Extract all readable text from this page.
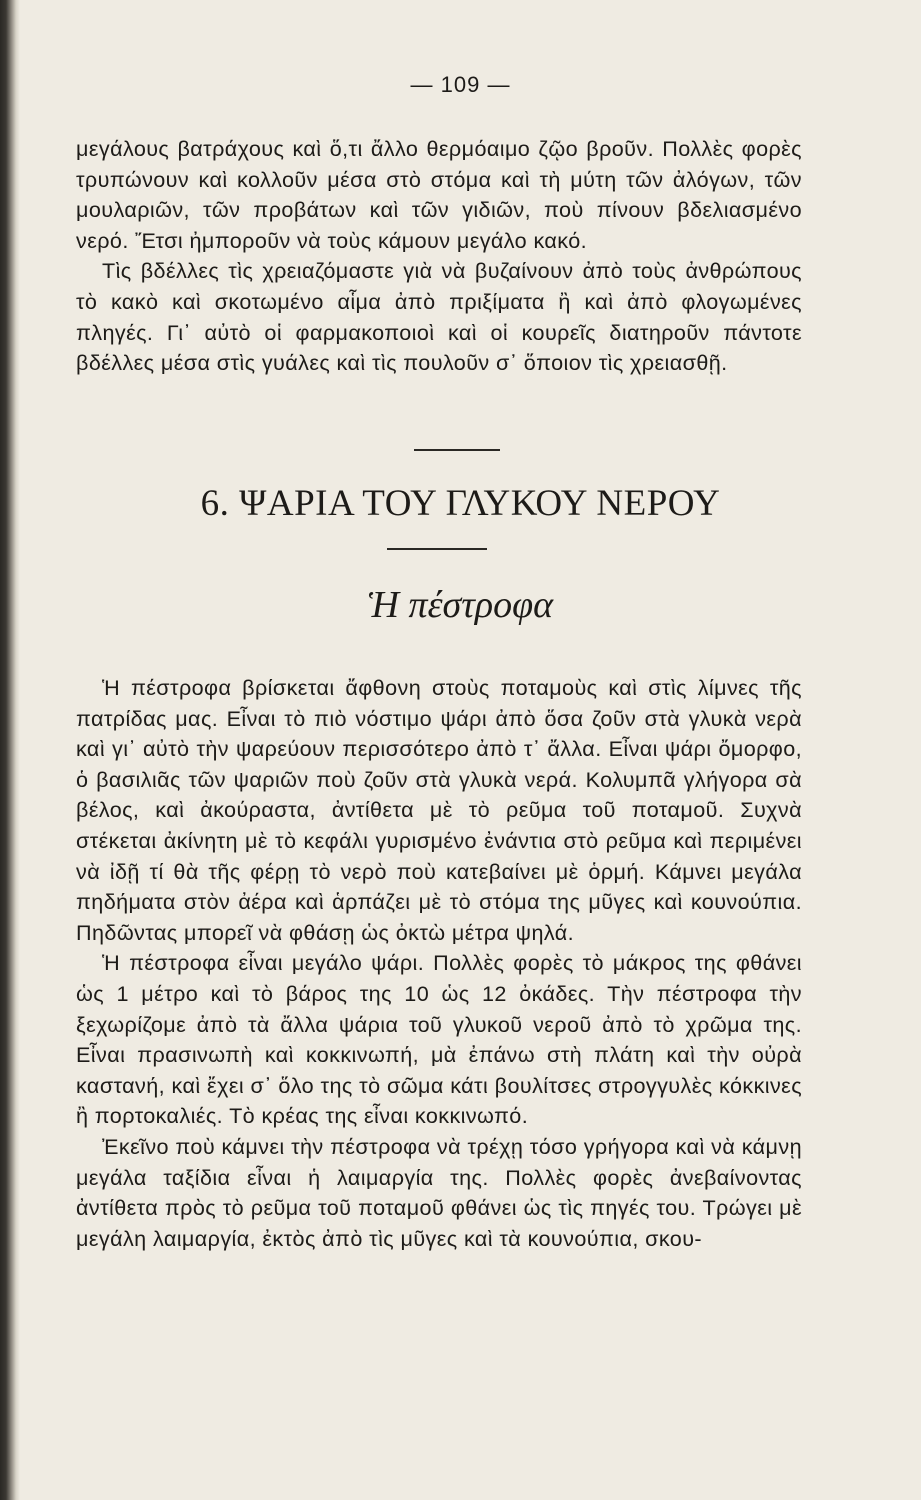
— 109 —

μεγάλους βατράχους καὶ ὅ,τι ἄλλο θερμόαιμο ζῷο βροῦν. Πολλὲς φορὲς τρυπώνουν καὶ κολλοῦν μέσα στὸ στόμα καὶ τὴ μύτη τῶν ἀλόγων, τῶν μουλαριῶν, τῶν προβάτων καὶ τῶν γιδιῶν, ποὺ πίνουν βδελιασμένο νερό. Ἔτσι ἠμποροῦν νὰ τοὺς κάμουν μεγάλο κακό.

Τὶς βδέλλες τὶς χρειαζόμαστε γιὰ νὰ βυζαίνουν ἀπὸ τοὺς ἀνθρώπους τὸ κακὸ καὶ σκοτωμένο αἷμα ἀπὸ πριξίματα ἢ καὶ ἀπὸ φλογωμένες πληγές. Γι᾿ αὐτὸ οἱ φαρμακοποιοὶ καὶ οἱ κουρεῖς διατηροῦν πάντοτε βδέλλες μέσα στὶς γυάλες καὶ τὶς πουλοῦν σ᾿ ὅποιον τὶς χρειασθῇ.

6. ΨΑΡΙΑ ΤΟΥ ΓΛΥΚΟΥ ΝΕΡΟΥ
Ἡ πέστροφα

Ἡ πέστροφα βρίσκεται ἄφθονη στοὺς ποταμοὺς καὶ στὶς λίμνες τῆς πατρίδας μας. Εἶναι τὸ πιὸ νόστιμο ψάρι ἀπὸ ὅσα ζοῦν στὰ γλυκὰ νερὰ καὶ γι᾿ αὐτὸ τὴν ψαρεύουν περισσότερο ἀπὸ τ᾿ ἄλλα. Εἶναι ψάρι ὄμορφο, ὁ βασιλιᾶς τῶν ψαριῶν ποὺ ζοῦν στὰ γλυκὰ νερά. Κολυμπᾶ γλήγορα σὰ βέλος, καὶ ἀκούραστα, ἀντίθετα μὲ τὸ ρεῦμα τοῦ ποταμοῦ. Συχνὰ στέκεται ἀκίνητη μὲ τὸ κεφάλι γυρισμένο ἐνάντια στὸ ρεῦμα καὶ περιμένει νὰ ἰδῇ τί θὰ τῆς φέρῃ τὸ νερὸ ποὺ κατεβαίνει μὲ ὁρμή. Κάμνει μεγάλα πηδήματα στὸν ἀέρα καὶ ἁρπάζει μὲ τὸ στόμα της μῦγες καὶ κουνούπια. Πηδῶντας μπορεῖ νὰ φθάσῃ ὡς ὀκτὼ μέτρα ψηλά.

Ἡ πέστροφα εἶναι μεγάλο ψάρι. Πολλὲς φορὲς τὸ μάκρος της φθάνει ὡς 1 μέτρο καὶ τὸ βάρος της 10 ὡς 12 ὀκάδες. Τὴν πέστροφα τὴν ξεχωρίζομε ἀπὸ τὰ ἄλλα ψάρια τοῦ γλυκοῦ νεροῦ ἀπὸ τὸ χρῶμα της. Εἶναι πρασινωπὴ καὶ κοκκινωπή, μὰ ἐπάνω στὴ πλάτη καὶ τὴν οὐρὰ καστανή, καὶ ἔχει σ᾿ ὅλο της τὸ σῶμα κάτι βουλίτσες στρογγυλὲς κόκκινες ἢ πορτοκαλιές. Τὸ κρέας της εἶναι κοκκινωπό.

Ἐκεῖνο ποὺ κάμνει τὴν πέστροφα νὰ τρέχῃ τόσο γρήγορα καὶ νὰ κάμνῃ μεγάλα ταξίδια εἶναι ἡ λαιμαργία της. Πολλὲς φορὲς ἀνεβαίνοντας ἀντίθετα πρὸς τὸ ρεῦμα τοῦ ποταμοῦ φθάνει ὡς τὶς πηγές του. Τρώγει μὲ μεγάλη λαιμαργία, ἐκτὸς ἀπὸ τὶς μῦγες καὶ τὰ κουνούπια, σκου-
